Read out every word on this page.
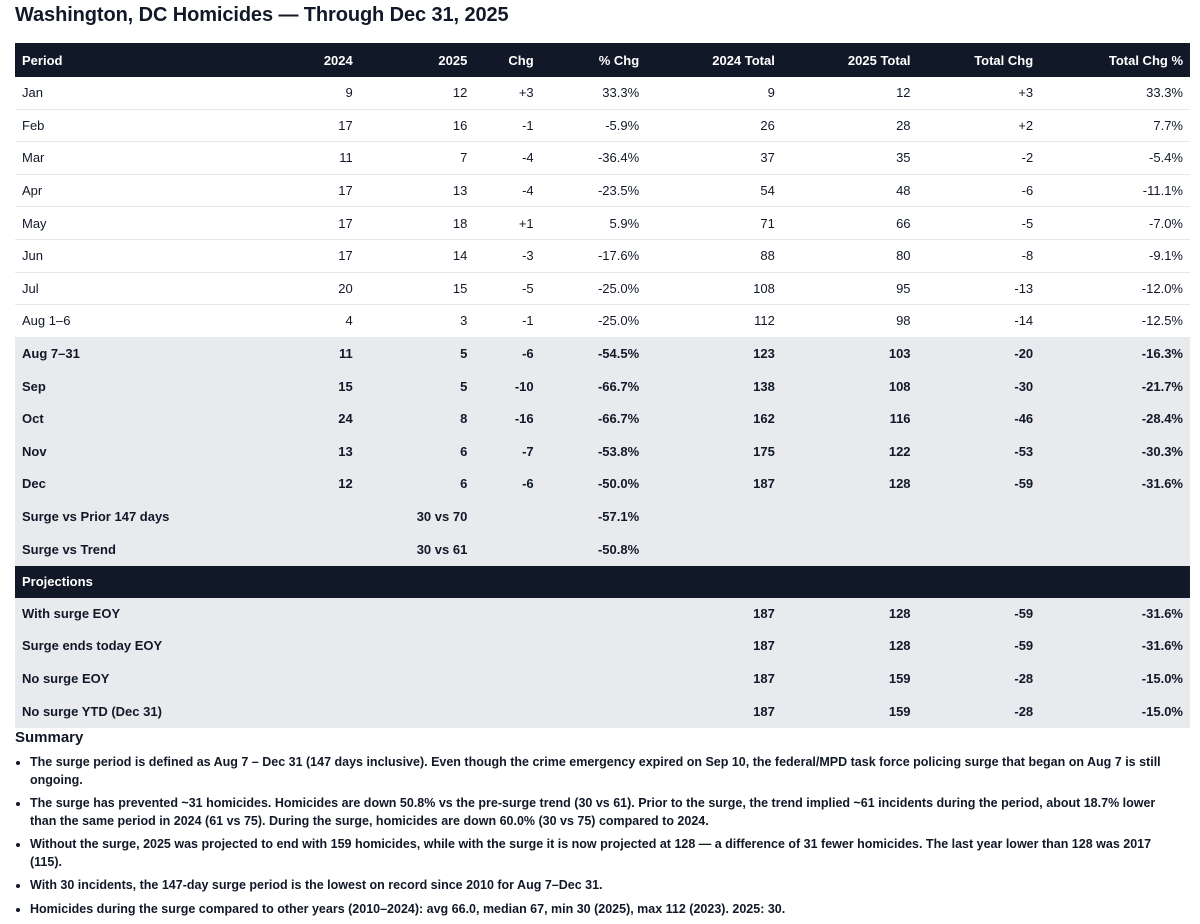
Washington, DC Homicides — Through Dec 31, 2025
Period	2024	2025	Chg	% Chg	2024 Total	2025 Total	Total Chg	Total Chg %
Jan	9	12	+3	33.3%	9	12	+3	33.3%
Feb	17	16	-1	-5.9%	26	28	+2	7.7%
Mar	11	7	-4	-36.4%	37	35	-2	-5.4%
Apr	17	13	-4	-23.5%	54	48	-6	-11.1%
May	17	18	+1	5.9%	71	66	-5	-7.0%
Jun	17	14	-3	-17.6%	88	80	-8	-9.1%
Jul	20	15	-5	-25.0%	108	95	-13	-12.0%
Aug 1–6	4	3	-1	-25.0%	112	98	-14	-12.5%
Aug 7–31	11	5	-6	-54.5%	123	103	-20	-16.3%
Sep	15	5	-10	-66.7%	138	108	-30	-21.7%
Oct	24	8	-16	-66.7%	162	116	-46	-28.4%
Nov	13	6	-7	-53.8%	175	122	-53	-30.3%
Dec	12	6	-6	-50.0%	187	128	-59	-31.6%
Surge vs Prior 147 days		30 vs 70		-57.1%				
Surge vs Trend		30 vs 61		-50.8%				
Projections								
With surge EOY					187	128	-59	-31.6%
Surge ends today EOY					187	128	-59	-31.6%
No surge EOY					187	159	-28	-15.0%
No surge YTD (Dec 31)					187	159	-28	-15.0%
Summary
• The surge period is defined as Aug 7 – Dec 31 (147 days inclusive). Even though the crime emergency expired on Sep 10, the federal/MPD task force policing surge that began on Aug 7 is still ongoing.
• The surge has prevented ~31 homicides. Homicides are down 50.8% vs the pre-surge trend (30 vs 61). Prior to the surge, the trend implied ~61 incidents during the period, about 18.7% lower than the same period in 2024 (61 vs 75). During the surge, homicides are down 60.0% (30 vs 75) compared to 2024.
• Without the surge, 2025 was projected to end with 159 homicides, while with the surge it is now projected at 128 — a difference of 31 fewer homicides. The last year lower than 128 was 2017 (115).
• With 30 incidents, the 147-day surge period is the lowest on record since 2010 for Aug 7–Dec 31.
• Homicides during the surge compared to other years (2010–2024): avg 66.0, median 67, min 30 (2025), max 112 (2023). 2025: 30.
